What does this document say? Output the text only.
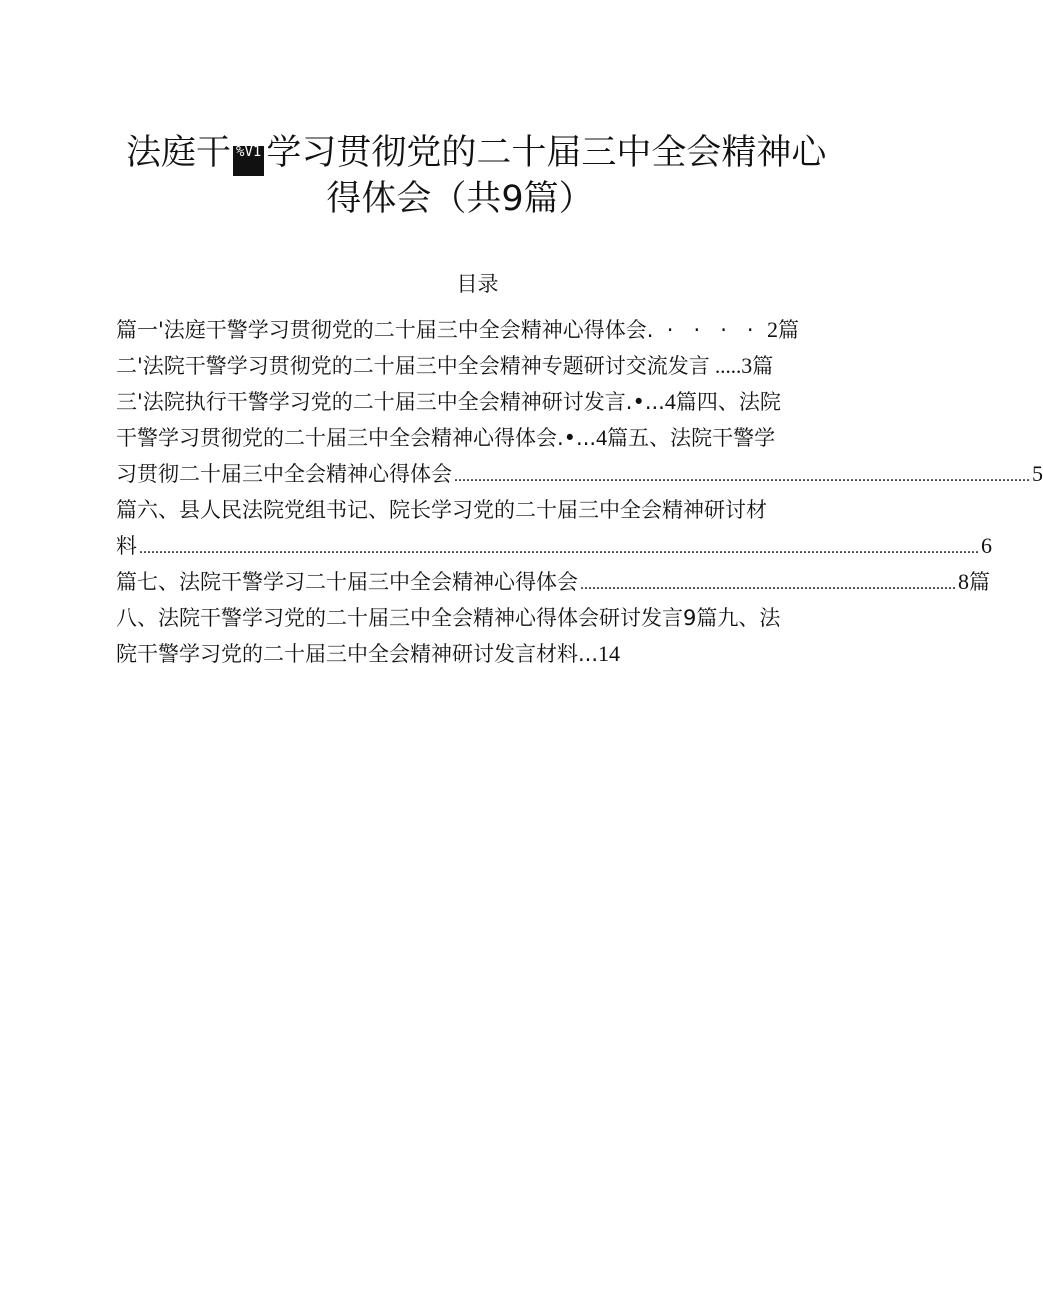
法庭干 %V1 学习贯彻党的二十届三中全会精神心
得体会（共9篇）
目录
篇一'法庭干警学习贯彻党的二十届三中全会精神心得体会. ·   ·   ·   · 2 篇
二'法院干警学习贯彻党的二十届三中全会精神专题研讨交流发言 ..... 3 篇
三'法院执行干警学习党的二十届三中全会精神研讨发言.•... 4 篇四、法院
干警学习贯彻党的二十届三中全会精神心得体会.•... 4 篇五、法院干警学
习贯彻二十届三中全会精神心得体会 ................................................................................................................................................ 5
篇六、县人民法院党组书记、院长学习党的二十届三中全会精神研讨材
料 .................................................................................................................................................................................................................. 6
篇七、法院干警学习二十届三中全会精神心得体会 .............................................................................................. 8 篇
八、法院干警学习党的二十届三中全会精神心得体会研讨发言9篇九、法
院干警学习党的二十届三中全会精神研讨发言材料... 14
